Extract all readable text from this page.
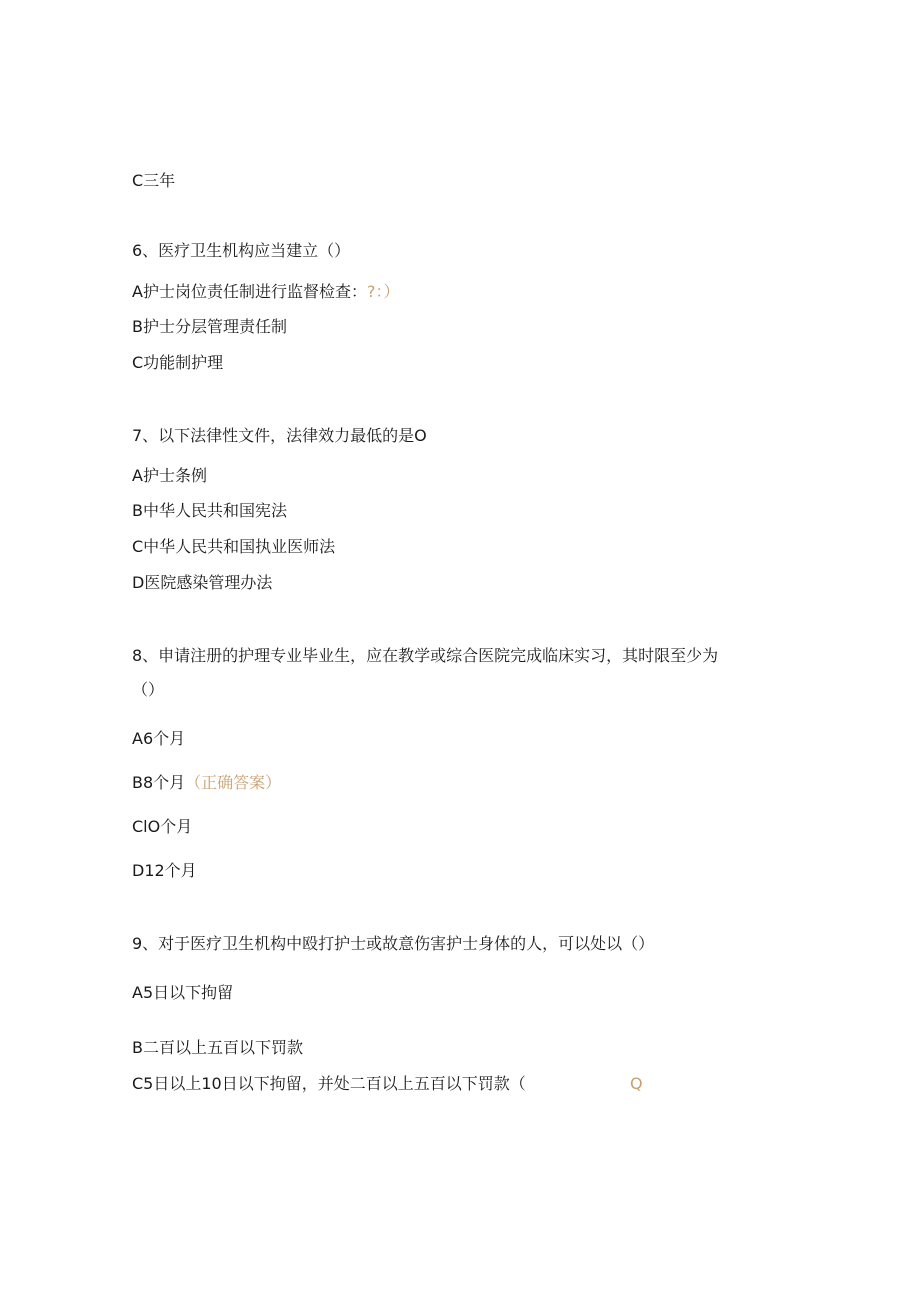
C三年
6、医疗卫生机构应当建立（）
A护士岗位责任制进行监督检查：?：）
B护士分层管理责任制
C功能制护理
7、以下法律性文件，法律效力最低的是O
A护士条例
B中华人民共和国宪法
C中华人民共和国执业医师法
D医院感染管理办法
8、申请注册的护理专业毕业生，应在教学或综合医院完成临床实习，其时限至少为
（）
A6个月
B8个月（正确答案）
ClO个月
D12个月
9、对于医疗卫生机构中殴打护士或故意伤害护士身体的人，可以处以（）
A5日以下拘留
B二百以上五百以下罚款
C5日以上10日以下拘留，并处二百以上五百以下罚款（	Q
